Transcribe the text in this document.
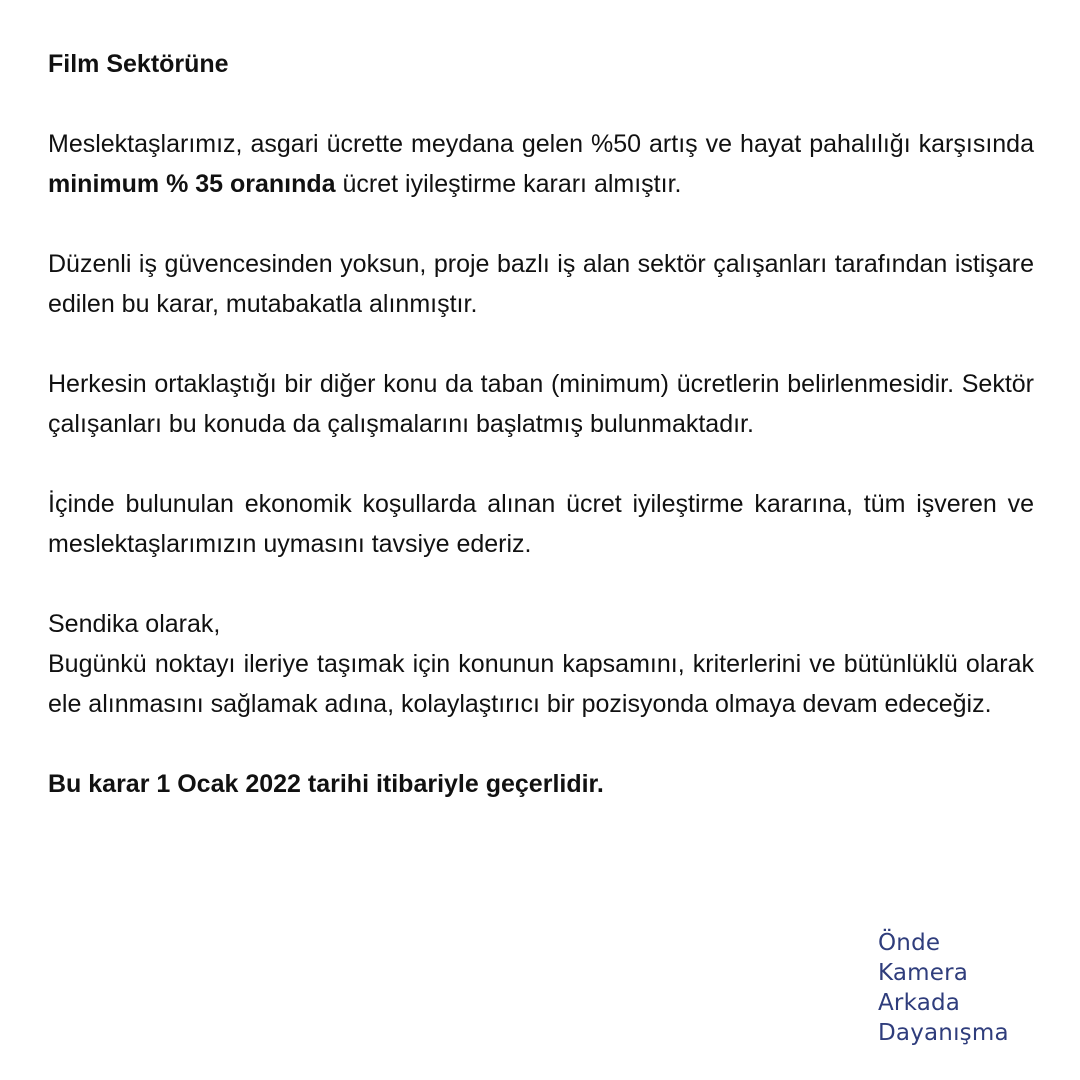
Film Sektörüne

Meslektaşlarımız, asgari ücrette meydana gelen %50 artış ve hayat pahalılığı karşısında minimum % 35 oranında ücret iyileştirme kararı almıştır.

Düzenli iş güvencesinden yoksun, proje bazlı iş alan sektör çalışanları tarafından istişare edilen bu karar, mutabakatla alınmıştır.

Herkesin ortaklaştığı bir diğer konu da taban (minimum) ücretlerin belirlenmesidir. Sektör çalışanları bu konuda da çalışmalarını başlatmış bulunmaktadır.

İçinde bulunulan ekonomik koşullarda alınan ücret iyileştirme kararına, tüm işveren ve meslektaşlarımızın uymasını tavsiye ederiz.

Sendika olarak,

Bugünkü noktayı ileriye taşımak için konunun kapsamını, kriterlerini ve bütünlüklü olarak ele alınmasını sağlamak adına, kolaylaştırıcı bir pozisyonda olmaya devam edeceğiz.

Bu karar 1 Ocak 2022 tarihi itibariyle geçerlidir.

Önde
Kamera
Arkada
Dayanışma
